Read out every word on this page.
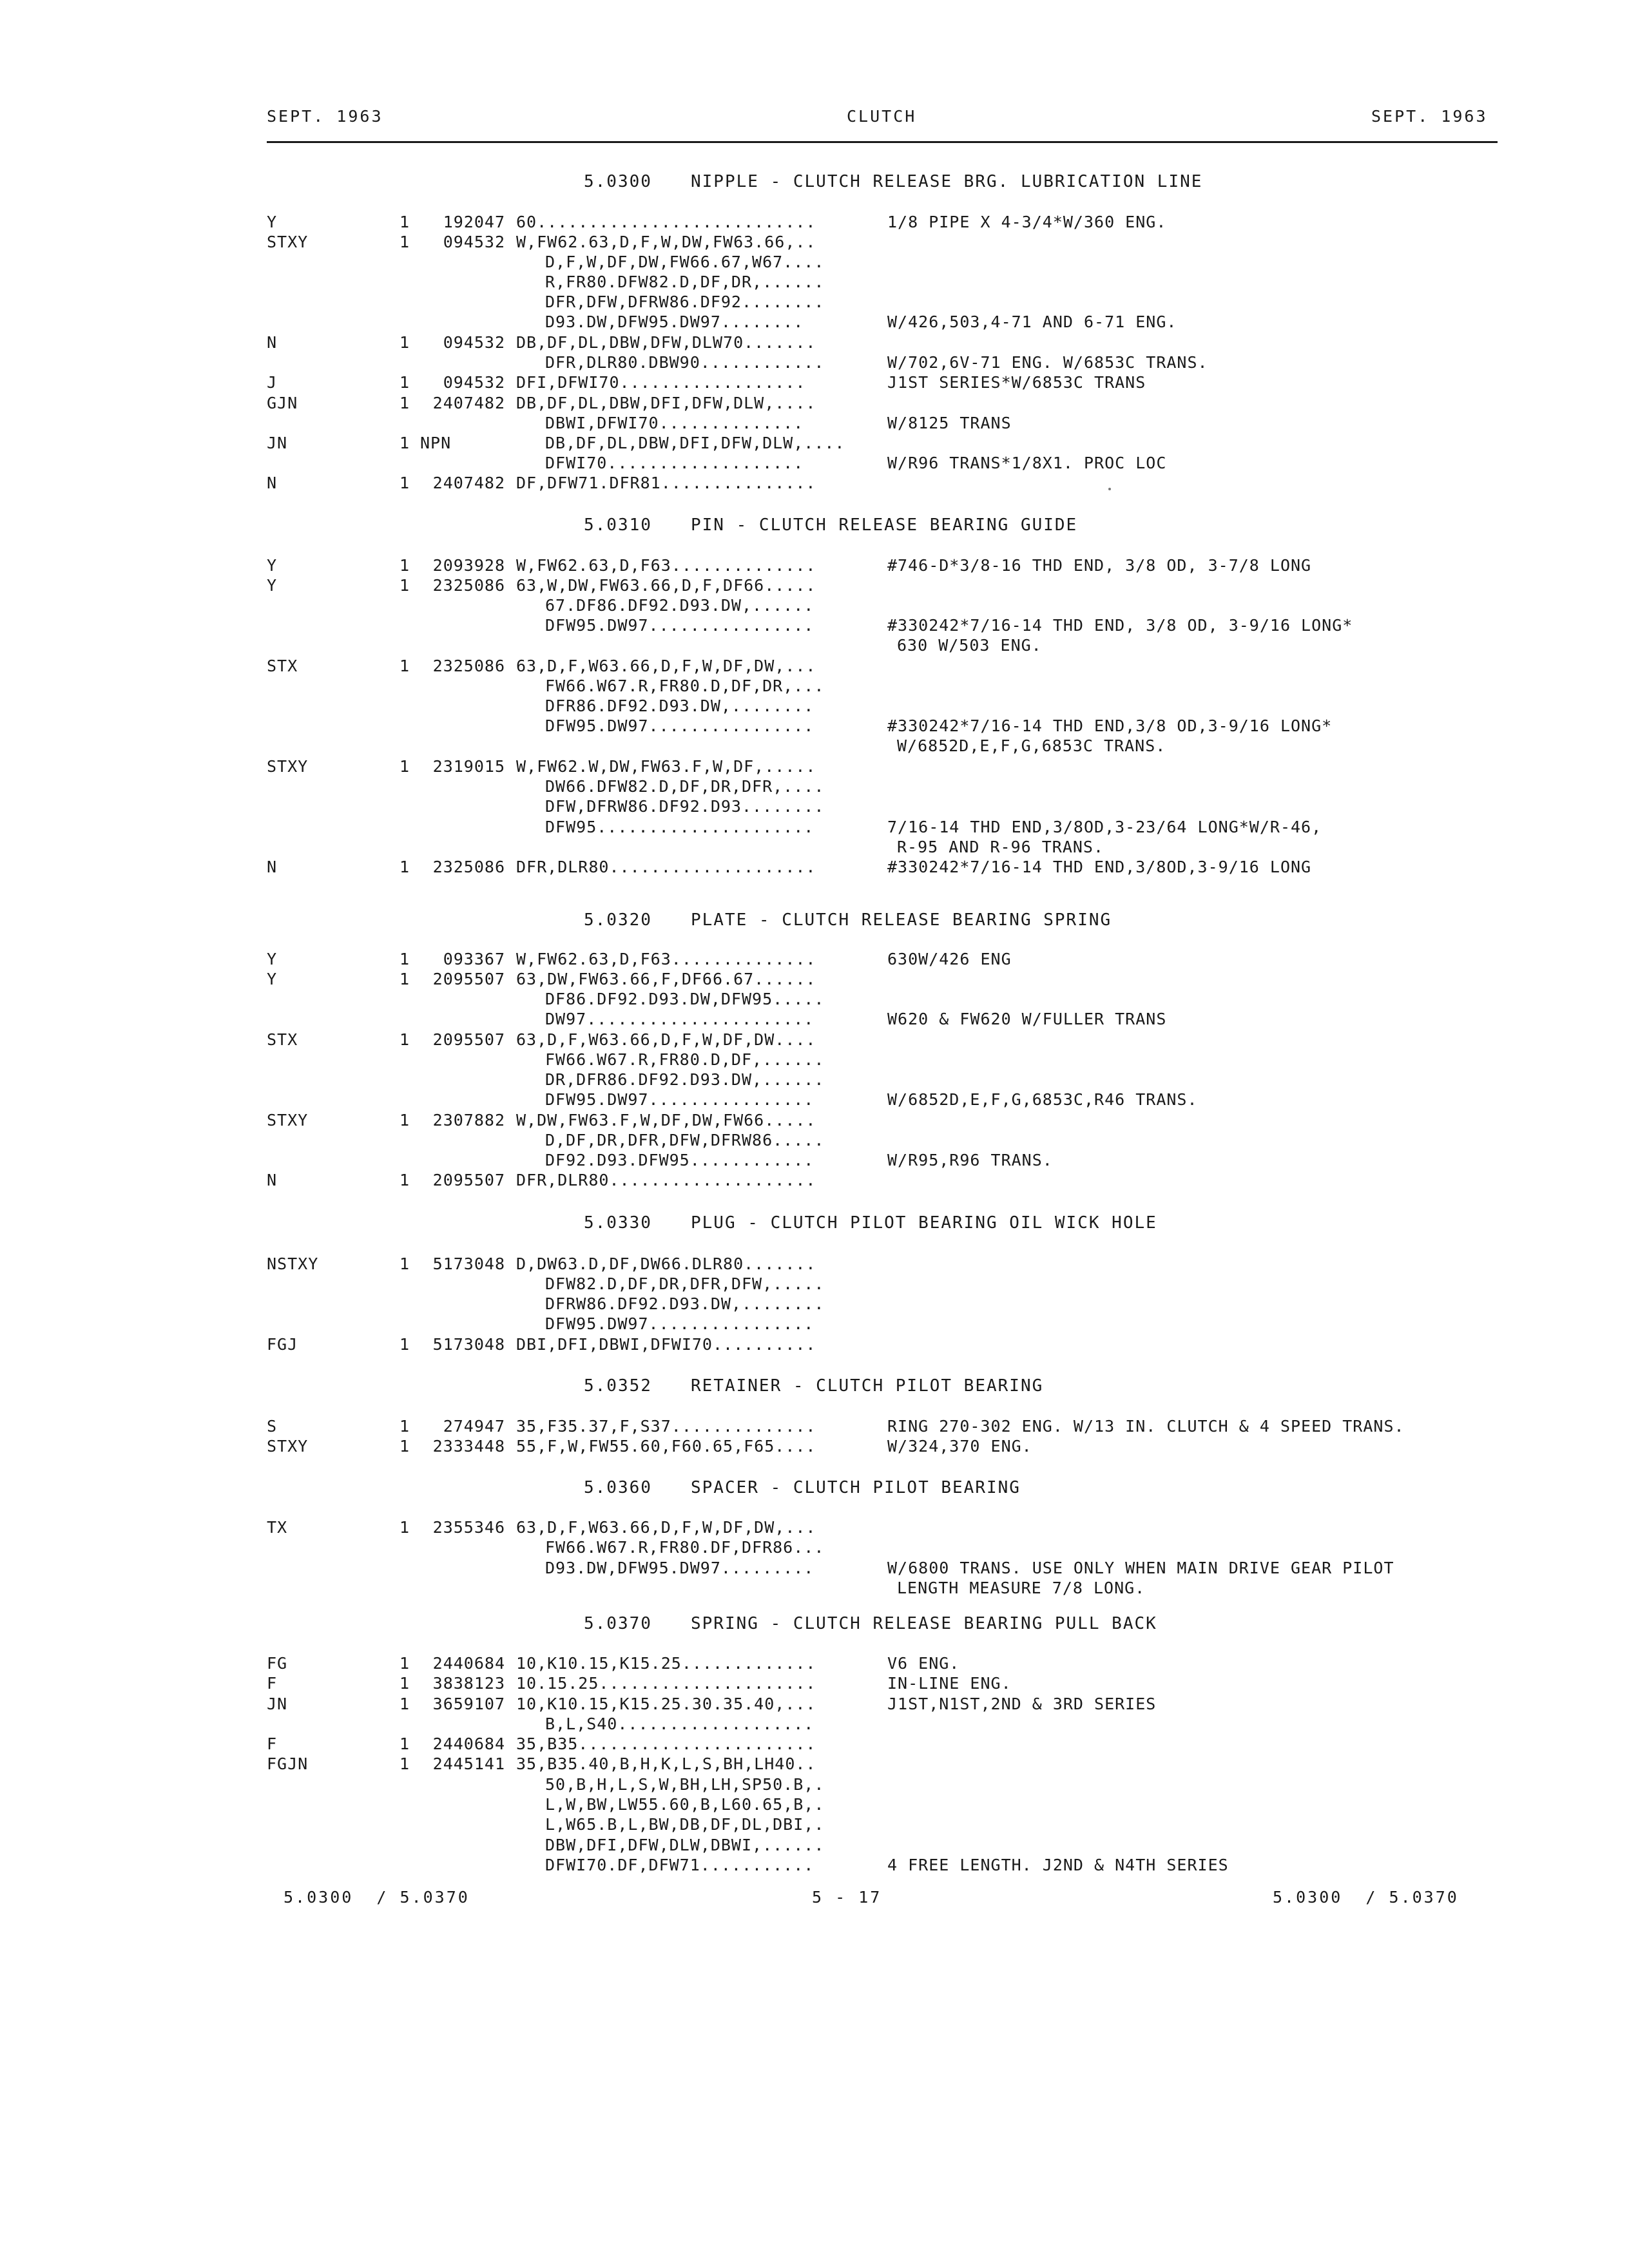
SEPT. 1963	CLUTCH	SEPT. 1963
5.0300 NIPPLE - CLUTCH RELEASE BRG. LUBRICATION LINE
Y	1	192047 60...........................	1/8 PIPE X 4-3/4*W/360 ENG.
STXY	1	094532 W,FW62.63,D,F,W,DW,FW63.66,..
D,F,W,DF,DW,FW66.67,W67....
R,FR80.DFW82.D,DF,DR,......
DFR,DFW,DFRW86.DF92........
D93.DW,DFW95.DW97........	W/426,503,4-71 AND 6-71 ENG.
N	1	094532 DB,DF,DL,DBW,DFW,DLW70.......
DFR,DLR80.DBW90............	W/702,6V-71 ENG. W/6853C TRANS.
J	1	094532 DFI,DFWI70..................	J1ST SERIES*W/6853C TRANS
GJN	1	2407482 DB,DF,DL,DBW,DFI,DFW,DLW,....
DBWI,DFWI70..............	W/8125 TRANS
JN	1 NPN	DB,DF,DL,DBW,DFI,DFW,DLW,....
DFWI70...................	W/R96 TRANS*1/8X1. PROC LOC
N	1	2407482 DF,DFW71.DFR81...............
5.0310 PIN - CLUTCH RELEASE BEARING GUIDE
Y	1	2093928 W,FW62.63,D,F63..............	#746-D*3/8-16 THD END, 3/8 OD, 3-7/8 LONG
Y	1	2325086 63,W,DW,FW63.66,D,F,DF66.....
67.DF86.DF92.D93.DW,......
DFW95.DW97................	#330242*7/16-14 THD END, 3/8 OD, 3-9/16 LONG*
630 W/503 ENG.
STX	1	2325086 63,D,F,W63.66,D,F,W,DF,DW,...
FW66.W67.R,FR80.D,DF,DR,...
DFR86.DF92.D93.DW,........
DFW95.DW97................	#330242*7/16-14 THD END,3/8 OD,3-9/16 LONG*
W/6852D,E,F,G,6853C TRANS.
STXY	1	2319015 W,FW62.W,DW,FW63.F,W,DF,.....
DW66.DFW82.D,DF,DR,DFR,....
DFW,DFRW86.DF92.D93........
DFW95.....................	7/16-14 THD END,3/8OD,3-23/64 LONG*W/R-46,
R-95 AND R-96 TRANS.
N	1	2325086 DFR,DLR80....................	#330242*7/16-14 THD END,3/8OD,3-9/16 LONG
5.0320 PLATE - CLUTCH RELEASE BEARING SPRING
Y	1	093367 W,FW62.63,D,F63..............	630W/426 ENG
Y	1	2095507 63,DW,FW63.66,F,DF66.67......
DF86.DF92.D93.DW,DFW95.....
DW97......................	W620 & FW620 W/FULLER TRANS
STX	1	2095507 63,D,F,W63.66,D,F,W,DF,DW....
FW66.W67.R,FR80.D,DF,......
DR,DFR86.DF92.D93.DW,......
DFW95.DW97................	W/6852D,E,F,G,6853C,R46 TRANS.
STXY	1	2307882 W,DW,FW63.F,W,DF,DW,FW66.....
D,DF,DR,DFR,DFW,DFRW86.....
DF92.D93.DFW95............	W/R95,R96 TRANS.
N	1	2095507 DFR,DLR80....................
5.0330 PLUG - CLUTCH PILOT BEARING OIL WICK HOLE
NSTXY	1	5173048 D,DW63.D,DF,DW66.DLR80.......
DFW82.D,DF,DR,DFR,DFW,.....
DFRW86.DF92.D93.DW,........
DFW95.DW97................
FGJ	1	5173048 DBI,DFI,DBWI,DFWI70..........
5.0352 RETAINER - CLUTCH PILOT BEARING
S	1	274947 35,F35.37,F,S37..............	RING 270-302 ENG. W/13 IN. CLUTCH & 4 SPEED TRANS.
STXY	1	2333448 55,F,W,FW55.60,F60.65,F65....	W/324,370 ENG.
5.0360 SPACER - CLUTCH PILOT BEARING
TX	1	2355346 63,D,F,W63.66,D,F,W,DF,DW,...
FW66.W67.R,FR80.DF,DFR86...
D93.DW,DFW95.DW97.........	W/6800 TRANS. USE ONLY WHEN MAIN DRIVE GEAR PILOT
LENGTH MEASURE 7/8 LONG.
5.0370 SPRING - CLUTCH RELEASE BEARING PULL BACK
FG	1	2440684 10,K10.15,K15.25.............	V6 ENG.
F	1	3838123 10.15.25.....................	IN-LINE ENG.
JN	1	3659107 10,K10.15,K15.25.30.35.40,...	J1ST,N1ST,2ND & 3RD SERIES
B,L,S40...................
F	1	2440684 35,B35.......................
FGJN	1	2445141 35,B35.40,B,H,K,L,S,BH,LH40..
50,B,H,L,S,W,BH,LH,SP50.B,.
L,W,BW,LW55.60,B,L60.65,B,.
L,W65.B,L,BW,DB,DF,DL,DBI,.
DBW,DFI,DFW,DLW,DBWI,......
DFWI70.DF,DFW71...........	4 FREE LENGTH. J2ND & N4TH SERIES
5.0300  / 5.0370	5 - 17	5.0300  / 5.0370
